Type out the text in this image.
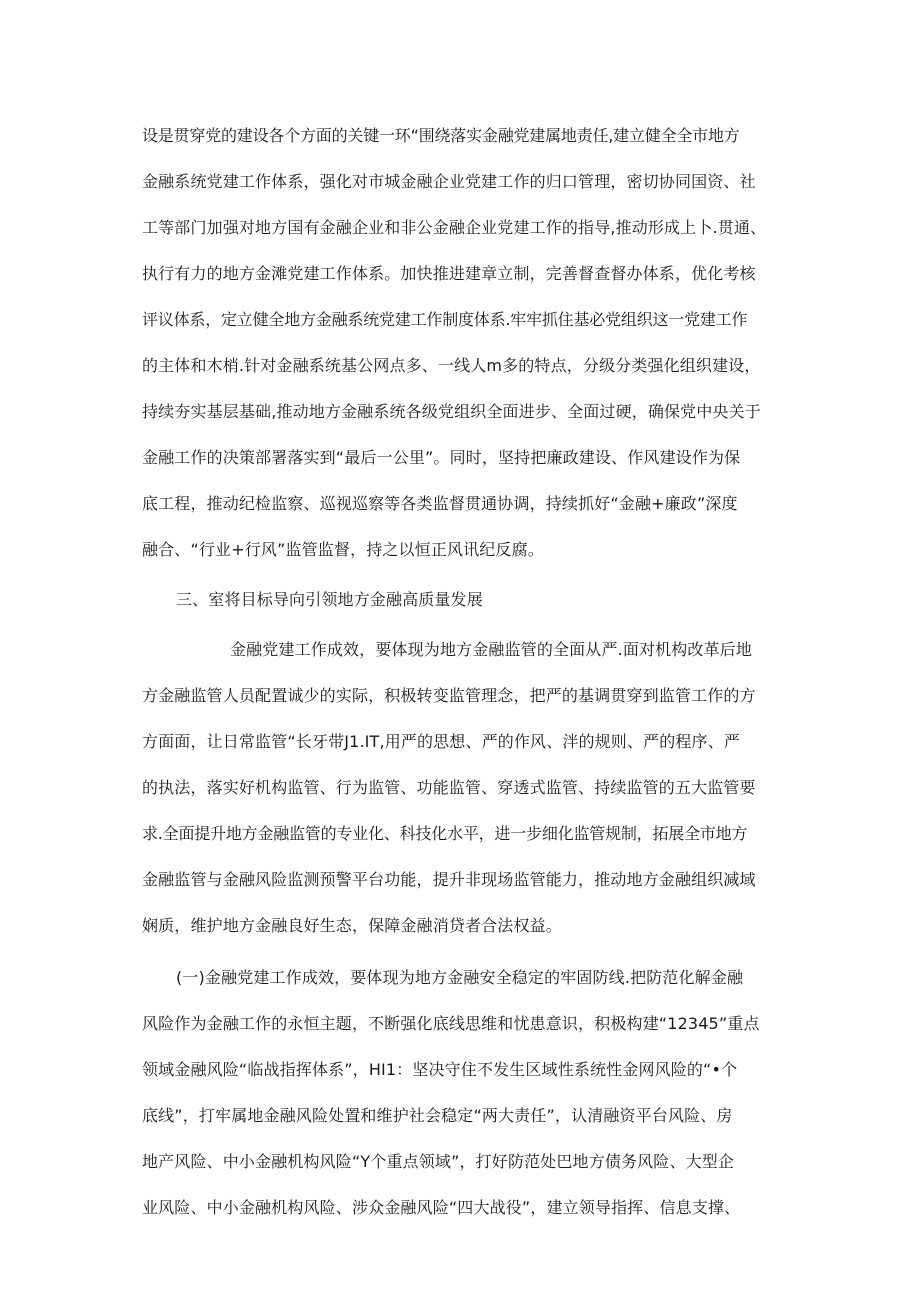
设是贯穿党的建设各个方面的关键一环“围绕落实金融党建属地责任,建立健全全市地方
金融系统党建工作体系，强化对市城金融企业党建工作的归口管理，密切协同国资、社
工等部门加强对地方国有金融企业和非公金融企业党建工作的指导,推动形成上卜.贯通、
执行有力的地方金滩党建工作体系。加快推进建章立制，完善督查督办体系，优化考核
评议体系，定立健全地方金融系统党建工作制度体系.牢牢抓住基必党组织这一党建工作
的主体和木梢.针对金融系统基公网点多、一线人m多的特点，分级分类强化组织建设，
持续夯实基层基础,推动地方金融系统各级党组织全面进步、全面过硬，确保党中央关于
金融工作的决策部署落实到“最后一公里”。同时，坚持把廉政建设、作风建设作为保
底工程，推动纪检监察、巡视巡察等各类监督贯通协调，持续抓好“金融+廉政”深度
融合、“行业+行风”监管监督，持之以恒正风讯纪反腐。
三、室将目标导向引领地方金融高质量发展
金融党建工作成效，要体现为地方金融监管的全面从严.面对机构改革后地
方金融监管人员配置诚少的实际，积极转变监管理念，把严的基调贯穿到监管工作的方
方面面，让日常监管“长牙带J1.IT,用严的思想、严的作风、泮的规则、严的程序、严
的执法，落实好机构监管、行为监管、功能监管、穿透式监管、持续监管的五大监管要
求.全面提升地方金融监管的专业化、科技化水平，进一步细化监管规制，拓展全市地方
金融监管与金融风险监测预警平台功能，提升非现场监管能力，推动地方金融组织减域
娴质，维护地方金融良好生态，保障金融消贷者合法权益。
(一)金融党建工作成效，要体现为地方金融安全稳定的牢固防线.把防范化解金融
风险作为金融工作的永恒主题，不断强化底线思维和忧患意识，积极构建“12345”重点
领域金融风险“临战指挥体系”，HI1：坚决守住不发生区域性系统性金网风险的“•个
底线”，打牢属地金融风险处置和维护社会稳定“两大责任”，认清融资平台风险、房
地产风险、中小金融机构风险“Y个重点领域”，打好防范处巴地方债务风险、大型企
业风险、中小金融机构风险、涉众金融风险“四大战役”，建立领导指挥、信息支撑、
